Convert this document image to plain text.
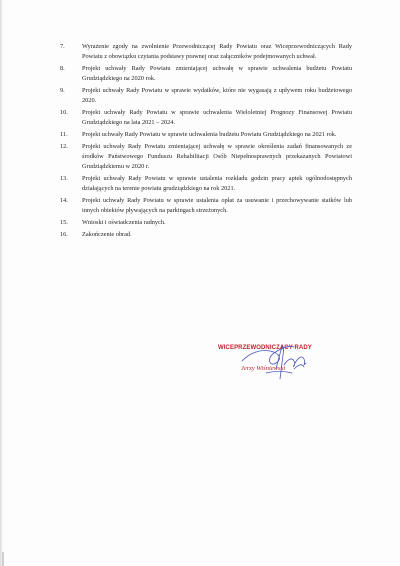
7.	Wyrażenie zgody na zwolnienie Przewodniczącej Rady Powiatu oraz Wiceprzewodniczących Rady Powiatu z obowiązku czytania podstawy prawnej oraz załączników podejmowanych uchwał.
8.	Projekt uchwały Rady Powiatu zmieniającej uchwałę w sprawie uchwalenia budżetu Powiatu Grudziądzkiego na 2020 rok.
9.	Projekt uchwały Rady Powiatu w sprawie wydatków, które nie wygasają z upływem roku budżetowego 2020.
10.	Projekt uchwały Rady Powiatu w sprawie uchwalenia Wieloletniej Prognozy Finansowej Powiatu Grudziądzkiego na lata 2021 – 2024.
11.	Projekt uchwały Rady Powiatu w sprawie uchwalenia budżetu Powiatu Grudziądzkiego na 2021 rok.
12.	Projekt uchwały Rady Powiatu zmieniającej uchwałę w sprawie określenia zadań finansowanych ze środków Państwowego Funduszu Rehabilitacji Osób Niepełnosprawnych przekazanych Powiatowi Grudziądzkiemu w 2020 r.
13.	Projekt uchwały Rady Powiatu w sprawie ustalenia rozkładu godzin pracy aptek ogólnodostępnych działających na terenie powiatu grudziądzkiego na rok 2021.
14.	Projekt uchwały Rady Powiatu w sprawie ustalenia opłat za usuwanie i przechowywanie statków lub innych obiektów pływających na parkingach strzeżonych.
15.	Wnioski i oświadczenia radnych.
16.	Zakończenie obrad.
WICEPRZEWODNICZĄCY RADY
Jerzy Wiśniewski
